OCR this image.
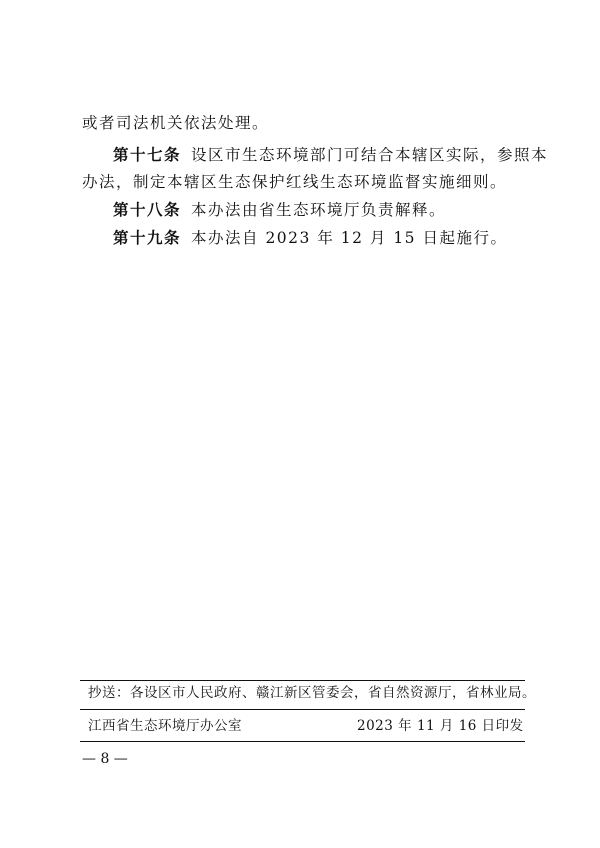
或者司法机关依法处理。
第十七条 设区市生态环境部门可结合本辖区实际，参照本
办法，制定本辖区生态保护红线生态环境监督实施细则。
第十八条 本办法由省生态环境厅负责解释。
第十九条 本办法自 2023 年 12 月 15 日起施行。
抄送：各设区市人民政府、赣江新区管委会，省自然资源厅，省林业局。
江西省生态环境厅办公室	2023 年 11 月 16 日印发
— 8 —
